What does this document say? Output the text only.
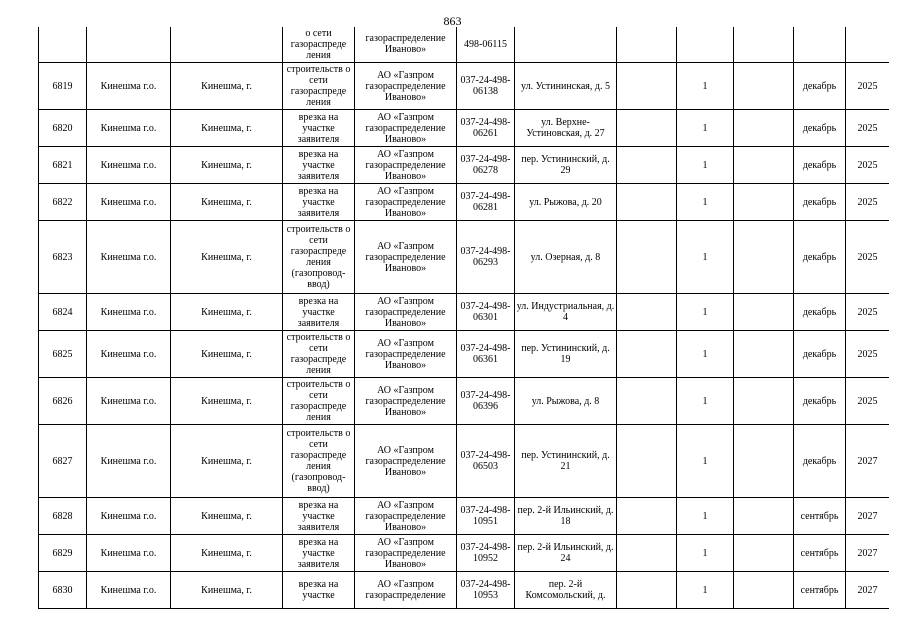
863
			о сети газораспреде ления	газораспределение Иваново»	498-06115						
6819	Кинешма г.о.	Кинешма, г.	строительств о сети газораспреде ления	АО «Газпром газораспределение Иваново»	037-24-498-06138	ул. Устининская, д. 5		1		декабрь	2025
6820	Кинешма г.о.	Кинешма, г.	врезка на участке заявителя	АО «Газпром газораспределение Иваново»	037-24-498-06261	ул. Верхне-Устиновская, д. 27		1		декабрь	2025
6821	Кинешма г.о.	Кинешма, г.	врезка на участке заявителя	АО «Газпром газораспределение Иваново»	037-24-498-06278	пер. Устининский, д. 29		1		декабрь	2025
6822	Кинешма г.о.	Кинешма, г.	врезка на участке заявителя	АО «Газпром газораспределение Иваново»	037-24-498-06281	ул. Рыжова, д. 20		1		декабрь	2025
6823	Кинешма г.о.	Кинешма, г.	строительств о сети газораспреде ления (газопровод-ввод)	АО «Газпром газораспределение Иваново»	037-24-498-06293	ул. Озерная, д. 8		1		декабрь	2025
6824	Кинешма г.о.	Кинешма, г.	врезка на участке заявителя	АО «Газпром газораспределение Иваново»	037-24-498-06301	ул. Индустриальная, д. 4		1		декабрь	2025
6825	Кинешма г.о.	Кинешма, г.	строительств о сети газораспреде ления	АО «Газпром газораспределение Иваново»	037-24-498-06361	пер. Устининский, д. 19		1		декабрь	2025
6826	Кинешма г.о.	Кинешма, г.	строительств о сети газораспреде ления	АО «Газпром газораспределение Иваново»	037-24-498-06396	ул. Рыжова, д. 8		1		декабрь	2025
6827	Кинешма г.о.	Кинешма, г.	строительств о сети газораспреде ления (газопровод-ввод)	АО «Газпром газораспределение Иваново»	037-24-498-06503	пер. Устининский, д. 21		1		декабрь	2027
6828	Кинешма г.о.	Кинешма, г.	врезка на участке заявителя	АО «Газпром газораспределение Иваново»	037-24-498-10951	пер. 2-й Ильинский, д. 18		1		сентябрь	2027
6829	Кинешма г.о.	Кинешма, г.	врезка на участке заявителя	АО «Газпром газораспределение Иваново»	037-24-498-10952	пер. 2-й Ильинский, д. 24		1		сентябрь	2027
6830	Кинешма г.о.	Кинешма, г.	врезка на участке	АО «Газпром газораспределение	037-24-498-10953	пер. 2-й Комсомольский, д.		1		сентябрь	2027
